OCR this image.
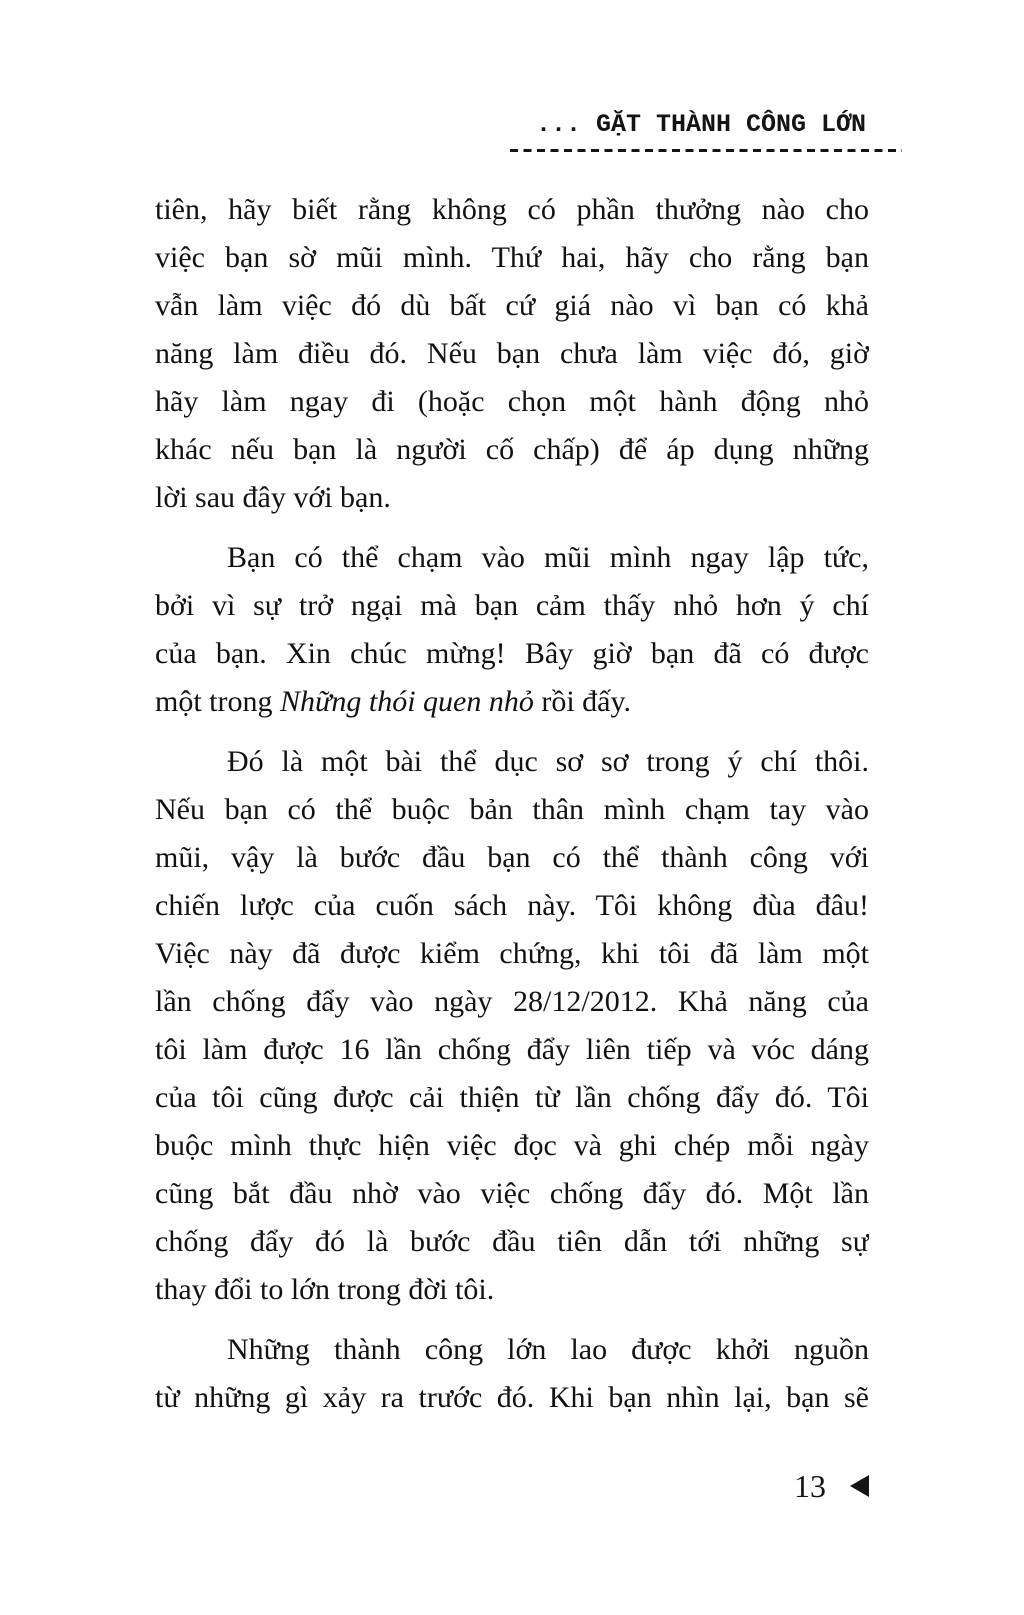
... GẶT THÀNH CÔNG LỚN
tiên, hãy biết rằng không có phần thưởng nào cho
việc bạn sờ mũi mình. Thứ hai, hãy cho rằng bạn
vẫn làm việc đó dù bất cứ giá nào vì bạn có khả
năng làm điều đó. Nếu bạn chưa làm việc đó, giờ
hãy làm ngay đi (hoặc chọn một hành động nhỏ
khác nếu bạn là người cố chấp) để áp dụng những
lời sau đây với bạn.
Bạn có thể chạm vào mũi mình ngay lập tức,
bởi vì sự trở ngại mà bạn cảm thấy nhỏ hơn ý chí
của bạn. Xin chúc mừng! Bây giờ bạn đã có được
một trong Những thói quen nhỏ rồi đấy.
Đó là một bài thể dục sơ sơ trong ý chí thôi.
Nếu bạn có thể buộc bản thân mình chạm tay vào
mũi, vậy là bước đầu bạn có thể thành công với
chiến lược của cuốn sách này. Tôi không đùa đâu!
Việc này đã được kiểm chứng, khi tôi đã làm một
lần chống đẩy vào ngày 28/12/2012. Khả năng của
tôi làm được 16 lần chống đẩy liên tiếp và vóc dáng
của tôi cũng được cải thiện từ lần chống đẩy đó. Tôi
buộc mình thực hiện việc đọc và ghi chép mỗi ngày
cũng bắt đầu nhờ vào việc chống đẩy đó. Một lần
chống đẩy đó là bước đầu tiên dẫn tới những sự
thay đổi to lớn trong đời tôi.
Những thành công lớn lao được khởi nguồn
từ những gì xảy ra trước đó. Khi bạn nhìn lại, bạn sẽ
13
